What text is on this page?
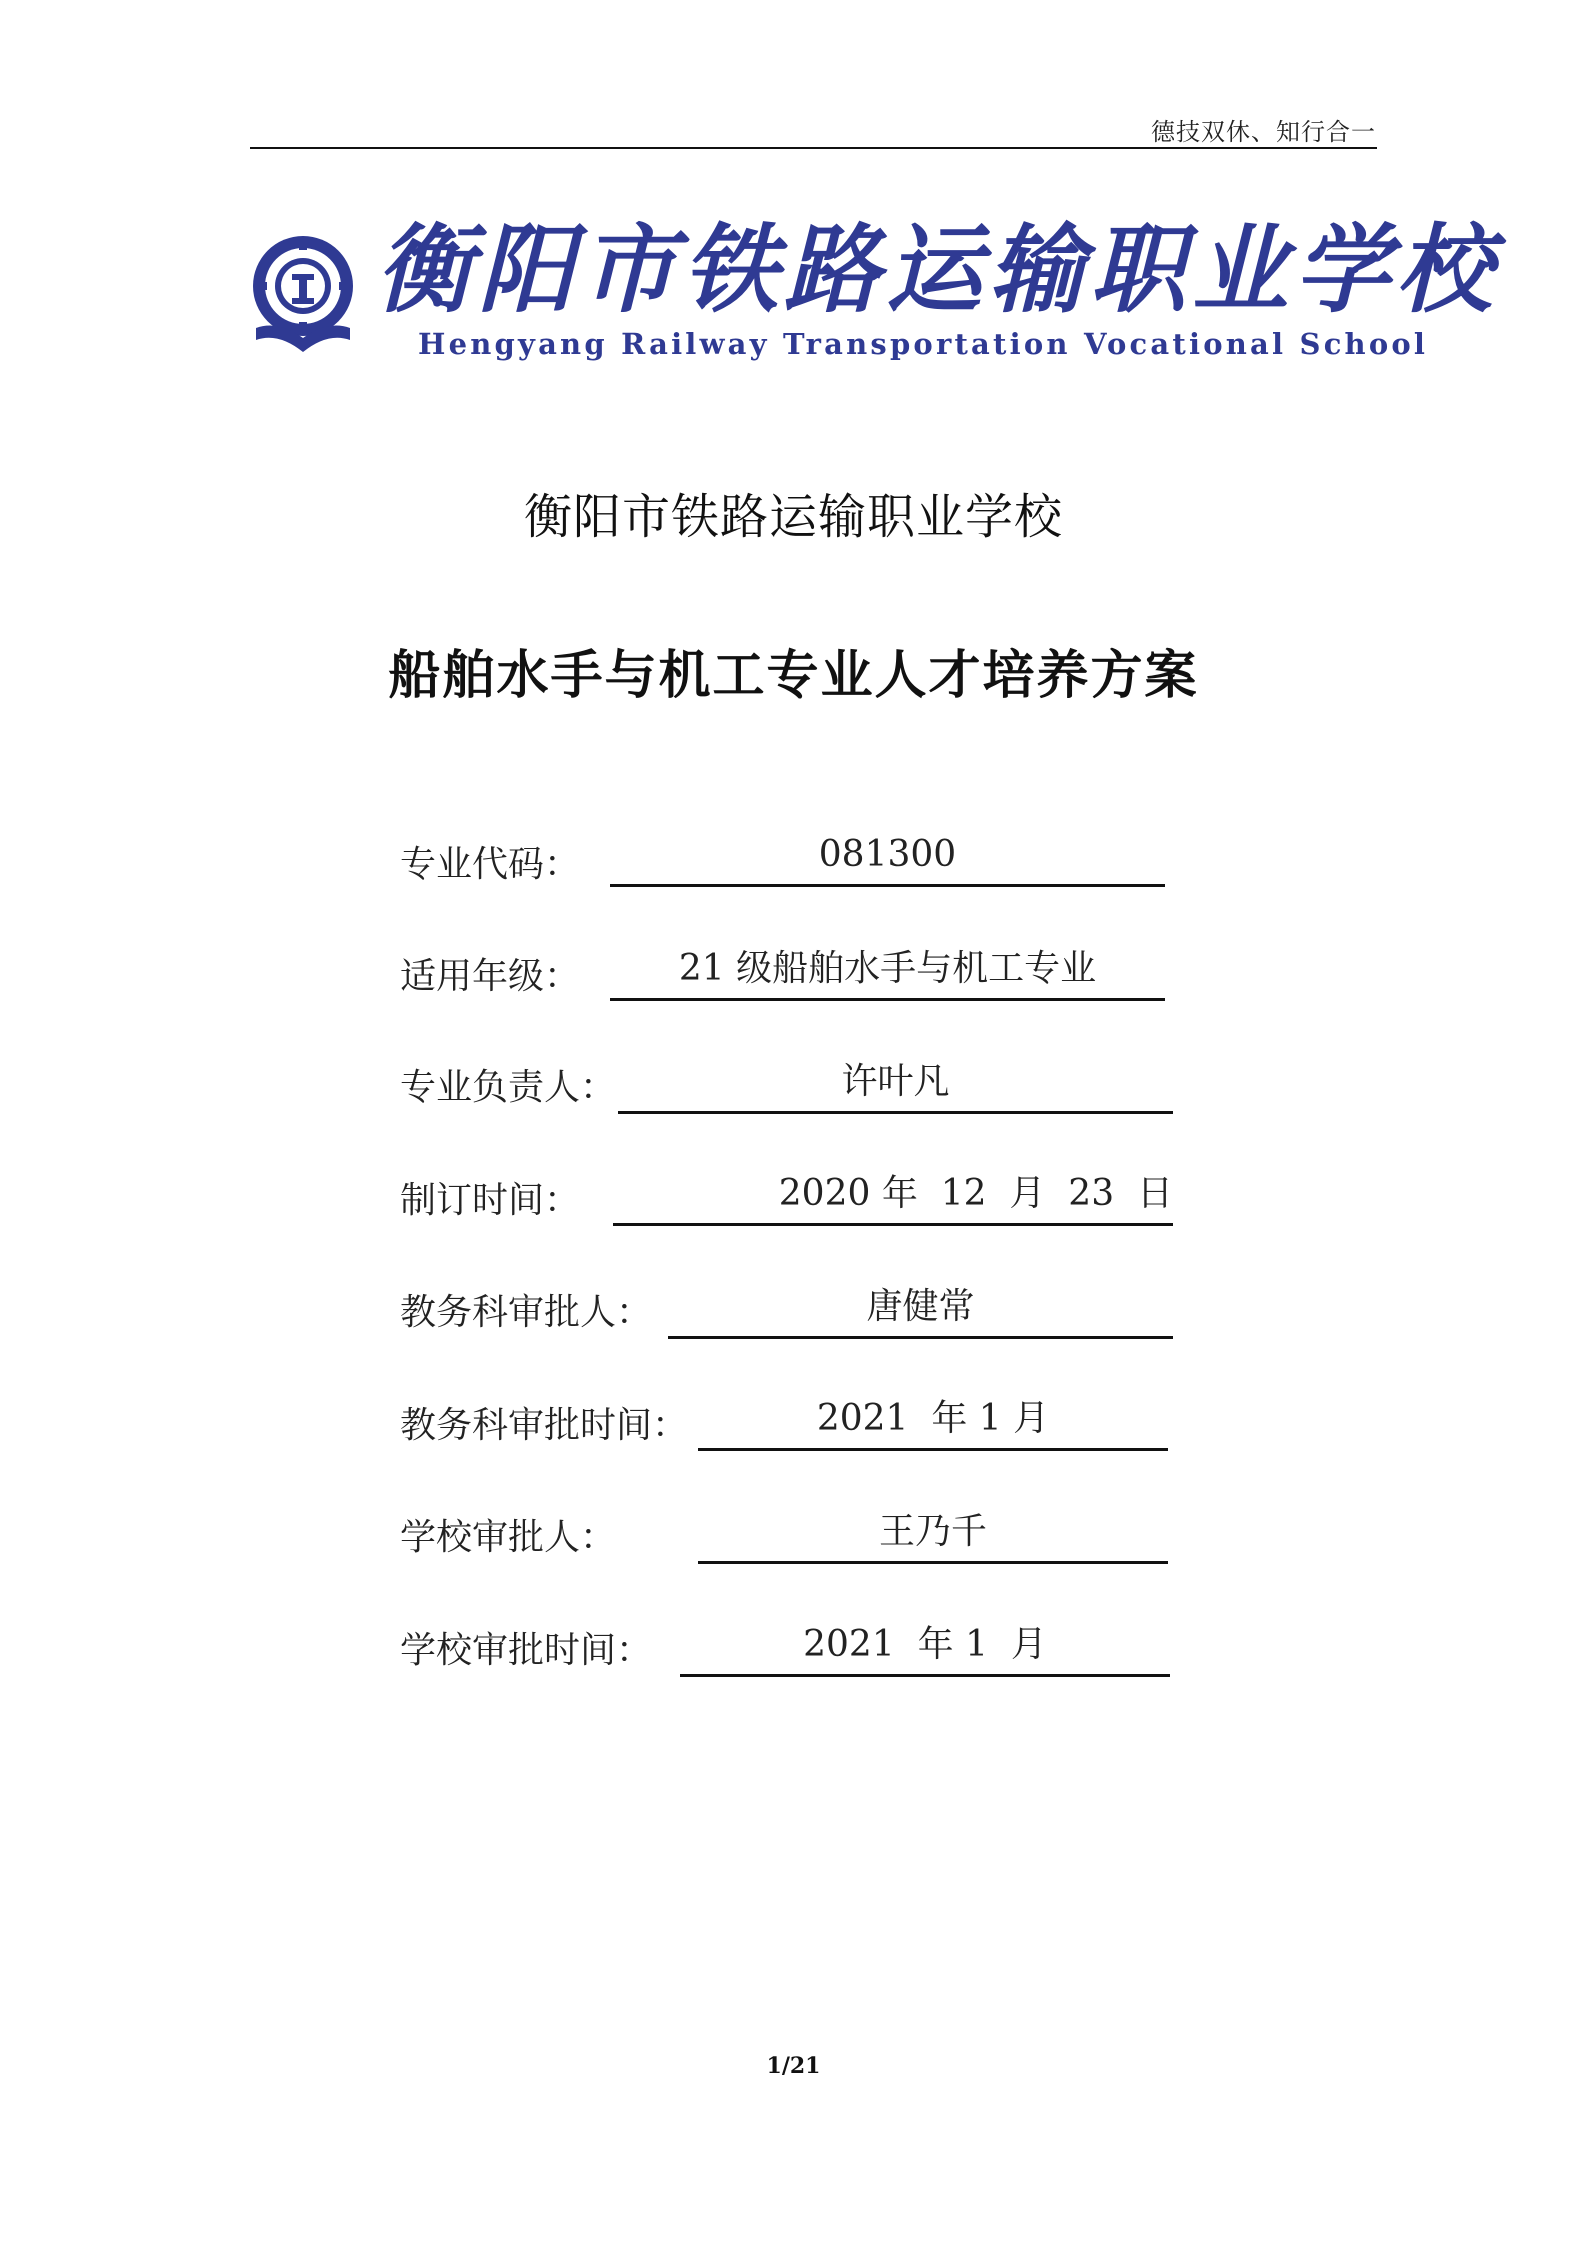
德技双休、知行合一
衡阳市铁路运输职业学校
Hengyang Railway Transportation Vocational School
衡阳市铁路运输职业学校
船舶水手与机工专业人才培养方案
专业代码：	081300
适用年级：	21 级船舶水手与机工专业
专业负责人：	许叶凡
制订时间：	2020 年  12  月  23  日
教务科审批人：	唐健常
教务科审批时间：	2021  年 1 月
学校审批人：	王乃千
学校审批时间：	2021  年 1  月
1/21
